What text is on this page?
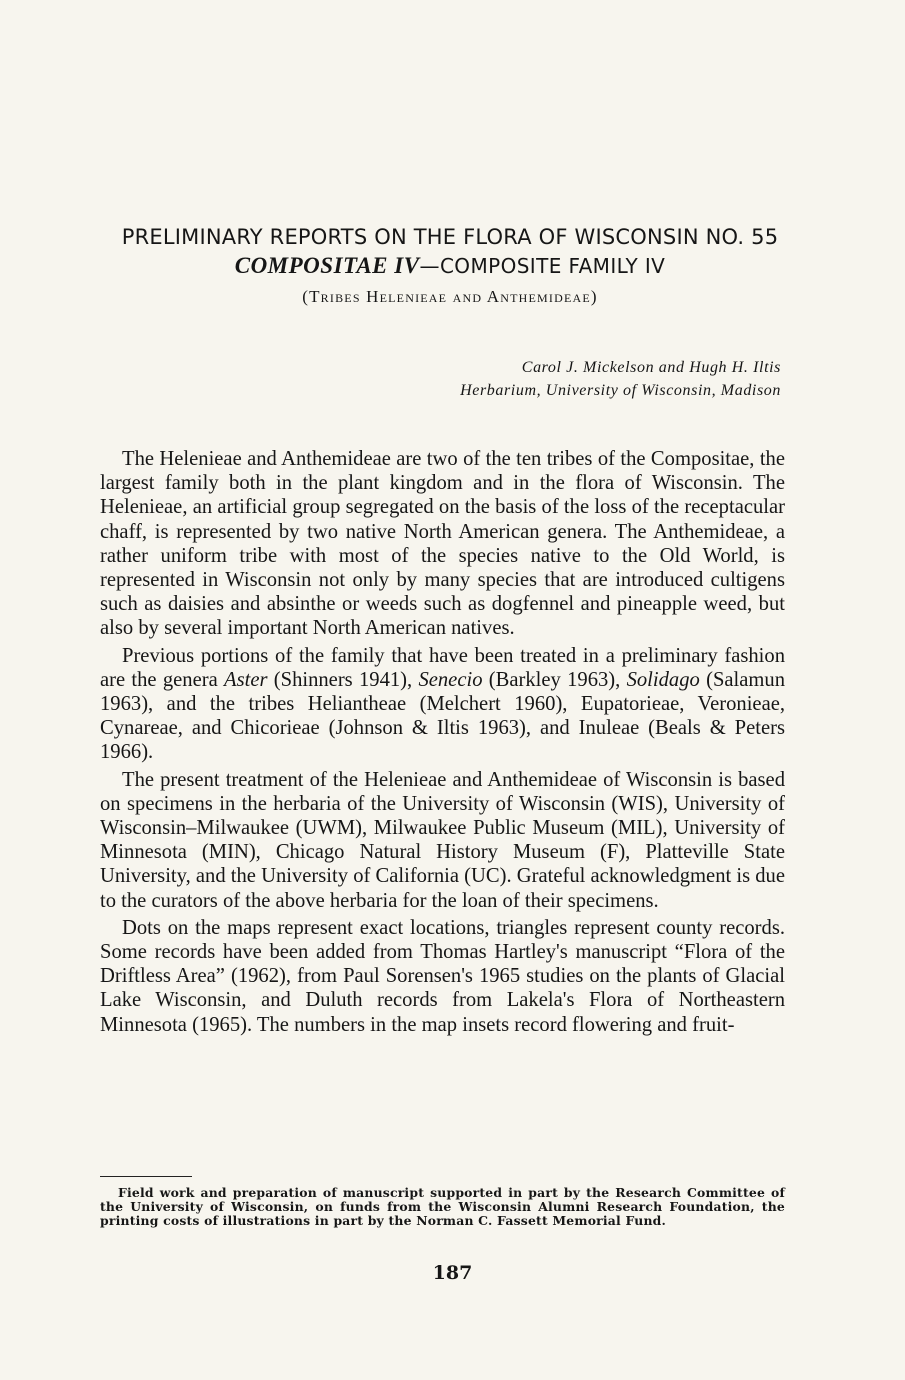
PRELIMINARY REPORTS ON THE FLORA OF WISCONSIN NO. 55
COMPOSITAE IV—COMPOSITE FAMILY IV
(Tribes Helenieae and Anthemideae)
Carol J. Mickelson and Hugh H. Iltis
Herbarium, University of Wisconsin, Madison

The Helenieae and Anthemideae are two of the ten tribes of the Compositae, the largest family both in the plant kingdom and in the flora of Wisconsin. The Helenieae, an artificial group segregated on the basis of the loss of the receptacular chaff, is represented by two native North American genera. The Anthemideae, a rather uniform tribe with most of the species native to the Old World, is represented in Wisconsin not only by many species that are introduced cultigens such as daisies and absinthe or weeds such as dogfennel and pineapple weed, but also by several important North American natives.

Previous portions of the family that have been treated in a preliminary fashion are the genera Aster (Shinners 1941), Senecio (Barkley 1963), Solidago (Salamun 1963), and the tribes Heliantheae (Melchert 1960), Eupatorieae, Veronieae, Cynareae, and Chicorieae (Johnson & Iltis 1963), and Inuleae (Beals & Peters 1966).

The present treatment of the Helenieae and Anthemideae of Wisconsin is based on specimens in the herbaria of the University of Wisconsin (WIS), University of Wisconsin–Milwaukee (UWM), Milwaukee Public Museum (MIL), University of Minnesota (MIN), Chicago Natural History Museum (F), Platteville State University, and the University of California (UC). Grateful acknowledgment is due to the curators of the above herbaria for the loan of their specimens.

Dots on the maps represent exact locations, triangles represent county records. Some records have been added from Thomas Hartley's manuscript “Flora of the Driftless Area” (1962), from Paul Sorensen's 1965 studies on the plants of Glacial Lake Wisconsin, and Duluth records from Lakela's Flora of Northeastern Minnesota (1965). The numbers in the map insets record flowering and fruit-

Field work and preparation of manuscript supported in part by the Research Committee of the University of Wisconsin, on funds from the Wisconsin Alumni Research Foundation, the printing costs of illustrations in part by the Norman C. Fassett Memorial Fund.
187
